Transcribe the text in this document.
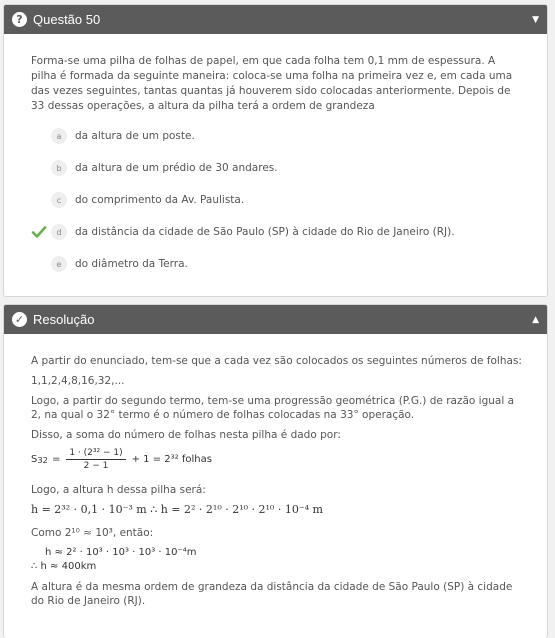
? Questão 50	▼
Forma-se uma pilha de folhas de papel, em que cada folha tem 0,1 mm de espessura. A pilha é formada da seguinte maneira: coloca-se uma folha na primeira vez e, em cada uma das vezes seguintes, tantas quantas já houverem sido colocadas anteriormente. Depois de 33 dessas operações, a altura da pilha terá a ordem de grandeza
a	da altura de um poste.
b	da altura de um prédio de 30 andares.
c	do comprimento da Av. Paulista.
d	da distância da cidade de São Paulo (SP) à cidade do Rio de Janeiro (RJ).
e	do diâmetro da Terra.
✓ Resolução	▲

A partir do enunciado, tem-se que a cada vez são colocados os seguintes números de folhas:

1,1,2,4,8,16,32,...

Logo, a partir do segundo termo, tem-se uma progressão geométrica (P.G.) de razão igual a 2, na qual o 32° termo é o número de folhas colocadas na 33° operação.

Disso, a soma do número de folhas nesta pilha é dado por:

S $32 = \frac{\text{1 · (2³² − 1)}}{2 - 1} + 1 = 2^{32}$ folhas

Logo, a altura h dessa pilha será:

h = 2³² · 0,1 · 10⁻³ m ∴ h = 2² · 2¹⁰ · 2¹⁰ · 2¹⁰ · 10⁻⁴ m

Como 2¹⁰ ≈ 10³, então:

h ≈ 2² · 10³ · 10³ · 10³ · 10⁻⁴m
∴ h ≈ 400km

A altura é da mesma ordem de grandeza da distância da cidade de São Paulo (SP) à cidade do Rio de Janeiro (RJ).
